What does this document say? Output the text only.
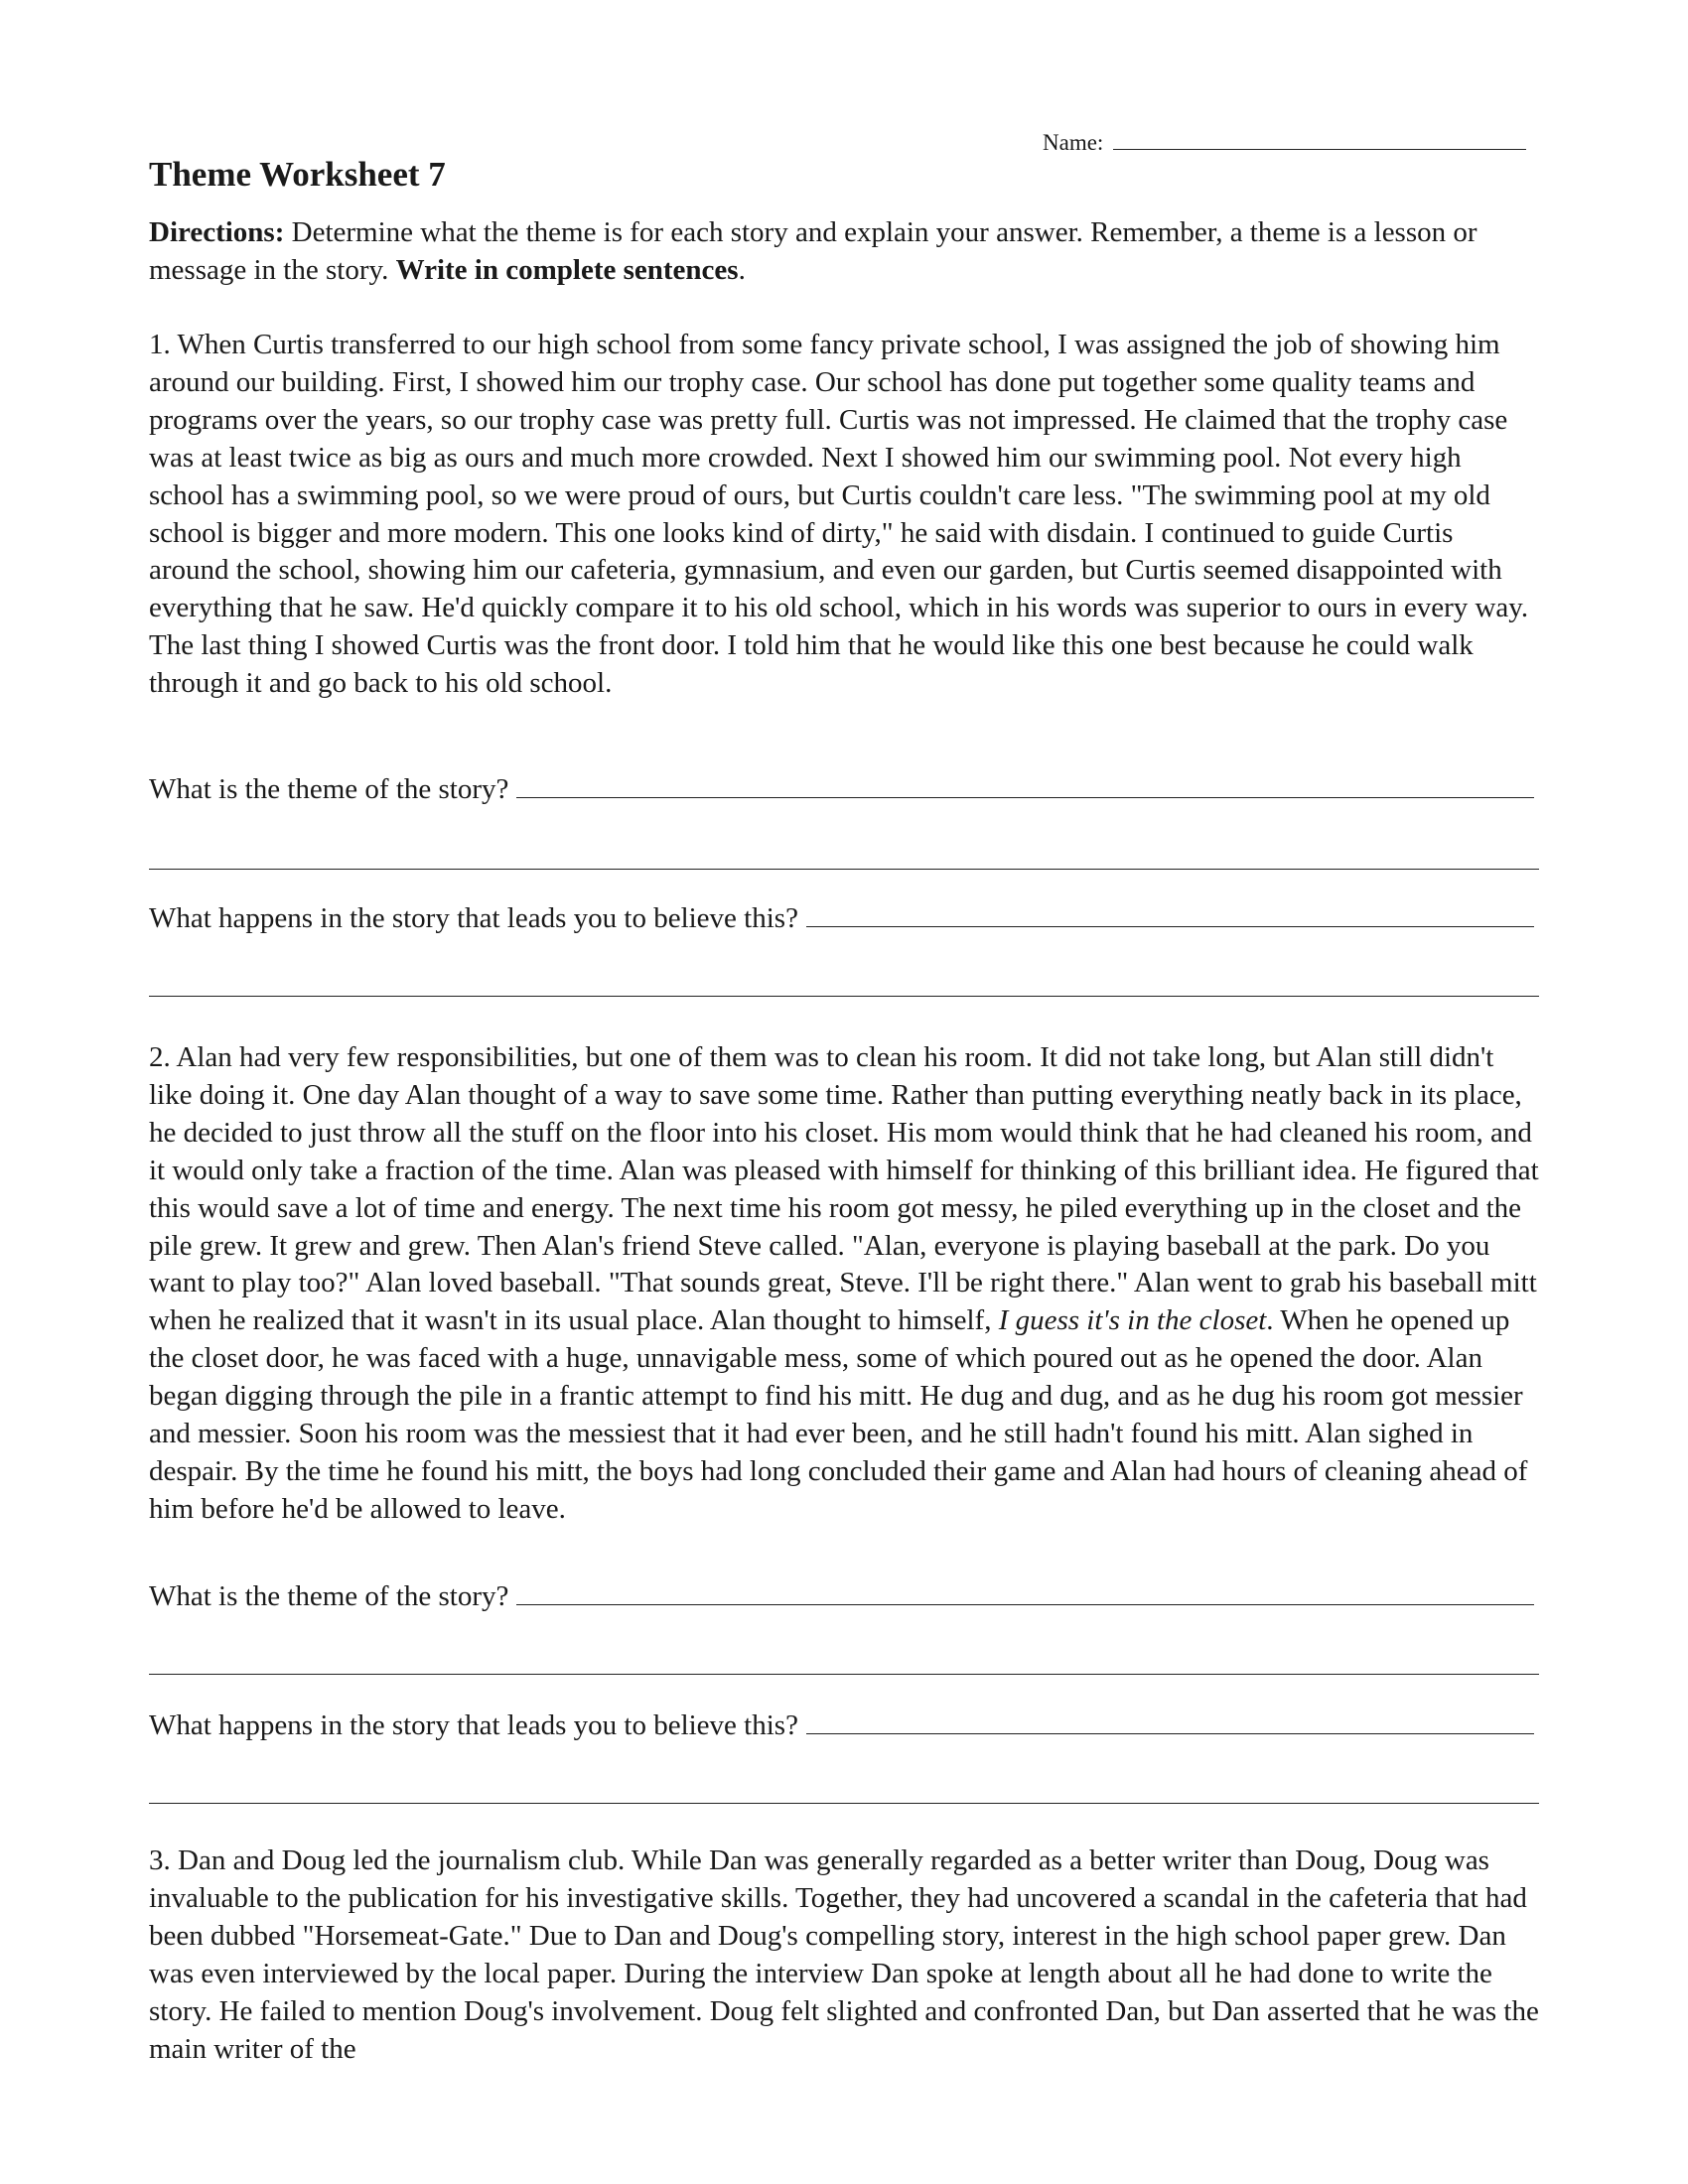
Name:
Theme Worksheet 7

Directions: Determine what the theme is for each story and explain your answer. Remember, a theme is a lesson or message in the story. Write in complete sentences.

1. When Curtis transferred to our high school from some fancy private school, I was assigned the job of showing him around our building. First, I showed him our trophy case. Our school has done put together some quality teams and programs over the years, so our trophy case was pretty full. Curtis was not impressed. He claimed that the trophy case was at least twice as big as ours and much more crowded. Next I showed him our swimming pool. Not every high school has a swimming pool, so we were proud of ours, but Curtis couldn't care less. "The swimming pool at my old school is bigger and more modern. This one looks kind of dirty," he said with disdain. I continued to guide Curtis around the school, showing him our cafeteria, gymnasium, and even our garden, but Curtis seemed disappointed with everything that he saw. He'd quickly compare it to his old school, which in his words was superior to ours in every way. The last thing I showed Curtis was the front door. I told him that he would like this one best because he could walk through it and go back to his old school.

What is the theme of the story?
What happens in the story that leads you to believe this?

2. Alan had very few responsibilities, but one of them was to clean his room. It did not take long, but Alan still didn't like doing it. One day Alan thought of a way to save some time. Rather than putting everything neatly back in its place, he decided to just throw all the stuff on the floor into his closet. His mom would think that he had cleaned his room, and it would only take a fraction of the time. Alan was pleased with himself for thinking of this brilliant idea. He figured that this would save a lot of time and energy. The next time his room got messy, he piled everything up in the closet and the pile grew. It grew and grew. Then Alan's friend Steve called. "Alan, everyone is playing baseball at the park. Do you want to play too?" Alan loved baseball. "That sounds great, Steve. I'll be right there." Alan went to grab his baseball mitt when he realized that it wasn't in its usual place. Alan thought to himself, I guess it's in the closet. When he opened up the closet door, he was faced with a huge, unnavigable mess, some of which poured out as he opened the door. Alan began digging through the pile in a frantic attempt to find his mitt. He dug and dug, and as he dug his room got messier and messier. Soon his room was the messiest that it had ever been, and he still hadn't found his mitt. Alan sighed in despair. By the time he found his mitt, the boys had long concluded their game and Alan had hours of cleaning ahead of him before he'd be allowed to leave.

What is the theme of the story?
What happens in the story that leads you to believe this?

3. Dan and Doug led the journalism club. While Dan was generally regarded as a better writer than Doug, Doug was invaluable to the publication for his investigative skills. Together, they had uncovered a scandal in the cafeteria that had been dubbed "Horsemeat-Gate." Due to Dan and Doug's compelling story, interest in the high school paper grew. Dan was even interviewed by the local paper. During the interview Dan spoke at length about all he had done to write the story. He failed to mention Doug's involvement. Doug felt slighted and confronted Dan, but Dan asserted that he was the main writer of the
